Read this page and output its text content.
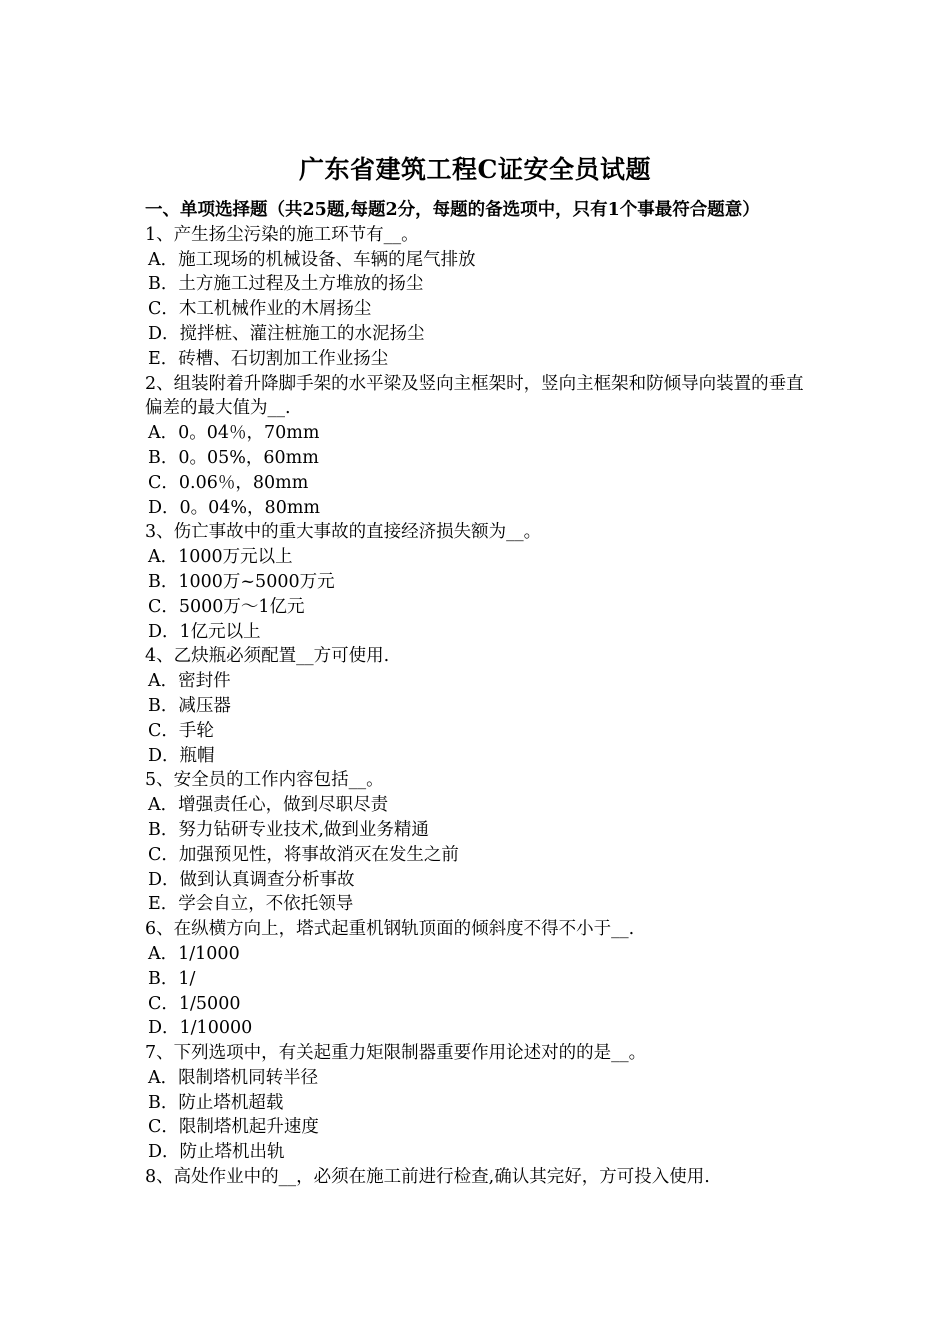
广东省建筑工程C证安全员试题
一、单项选择题（共25题,每题2分，每题的备选项中，只有1个事最符合题意）
1、产生扬尘污染的施工环节有__。
A．施工现场的机械设备、车辆的尾气排放
B．土方施工过程及土方堆放的扬尘
C．木工机械作业的木屑扬尘
D．搅拌桩、灌注桩施工的水泥扬尘
E．砖槽、石切割加工作业扬尘
2、组装附着升降脚手架的水平梁及竖向主框架时，竖向主框架和防倾导向装置的垂直偏差的最大值为__.
A．0。04％，70mm
B．0。05%，60mm
C．0.06％，80mm
D．0。04%，80mm
3、伤亡事故中的重大事故的直接经济损失额为__。
A．1000万元以上
B．1000万~5000万元
C．5000万～1亿元
D．1亿元以上
4、乙炔瓶必须配置__方可使用.
A．密封件
B．减压器
C．手轮
D．瓶帽
5、安全员的工作内容包括__。
A．增强责任心，做到尽职尽责
B．努力钻研专业技术,做到业务精通
C．加强预见性，将事故消灭在发生之前
D．做到认真调查分析事故
E．学会自立，不依托领导
6、在纵横方向上，塔式起重机钢轨顶面的倾斜度不得不小于__.
A．1/1000
B．1/
C．1/5000
D．1/10000
7、下列选项中，有关起重力矩限制器重要作用论述对的的是__。
A．限制塔机同转半径
B．防止塔机超载
C．限制塔机起升速度
D．防止塔机出轨
8、高处作业中的__，必须在施工前进行检查,确认其完好，方可投入使用.
